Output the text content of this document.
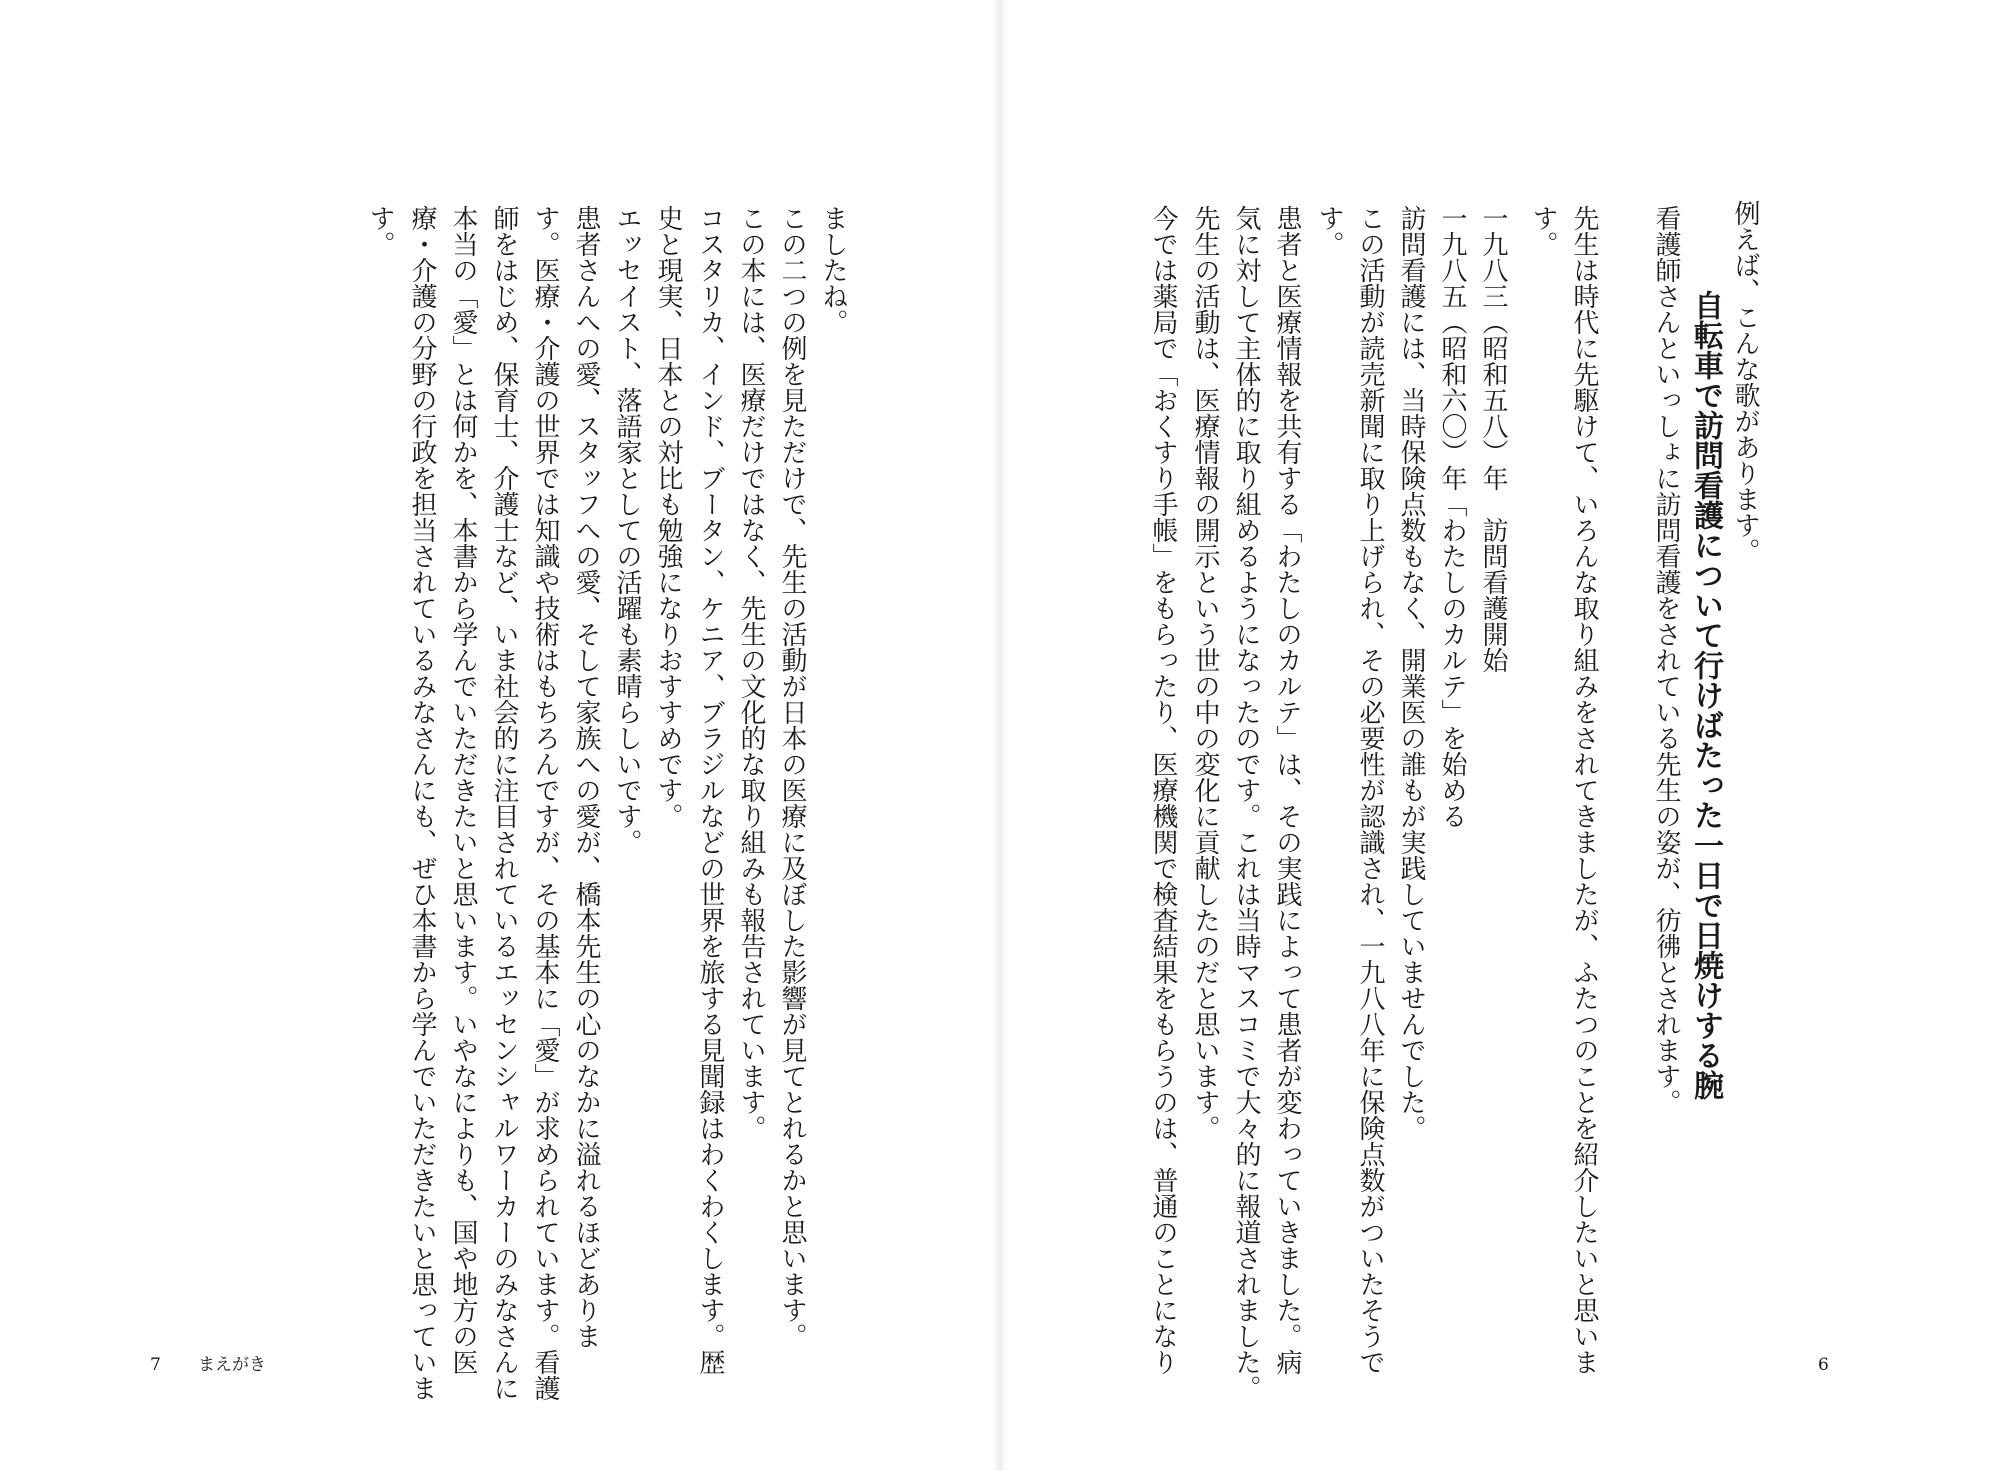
例えば、こんな歌があります。
自転車で訪問看護について行けばたった一日で日焼けする腕
看護師さんといっしょに訪問看護をされている先生の姿が、彷彿とされます。
先生は時代に先駆けて、いろんな取り組みをされてきましたが、ふたつのことを紹介したいと思いま
す。
一九八三（昭和五八）年　訪問看護開始
一九八五（昭和六〇）年「わたしのカルテ」を始める
訪問看護には、当時保険点数もなく、開業医の誰もが実践していませんでした。
この活動が読売新聞に取り上げられ、その必要性が認識され、一九八八年に保険点数がついたそうで
す。
患者と医療情報を共有する「わたしのカルテ」は、その実践によって患者が変わっていきました。病
気に対して主体的に取り組めるようになったのです。これは当時マスコミで大々的に報道されました。
先生の活動は、医療情報の開示という世の中の変化に貢献したのだと思います。
今では薬局で「おくすり手帳」をもらったり、医療機関で検査結果をもらうのは、普通のことになり	6
ましたね。
この二つの例を見ただけで、先生の活動が日本の医療に及ぼした影響が見てとれるかと思います。
この本には、医療だけではなく、先生の文化的な取り組みも報告されています。
コスタリカ、インド、ブータン、ケニア、ブラジルなどの世界を旅する見聞録はわくわくします。歴
史と現実、日本との対比も勉強になりおすすめです。
エッセイスト、落語家としての活躍も素晴らしいです。
患者さんへの愛、スタッフへの愛、そして家族への愛が、橋本先生の心のなかに溢れるほどありま
す。医療・介護の世界では知識や技術はもちろんですが、その基本に「愛」が求められています。看護
師をはじめ、保育士、介護士など、いま社会的に注目されているエッセンシャルワーカーのみなさんに
本当の「愛」とは何かを、本書から学んでいただきたいと思います。いやなによりも、国や地方の医
療・介護の分野の行政を担当されているみなさんにも、ぜひ本書から学んでいただきたいと思っていま
す。
7 まえがき
